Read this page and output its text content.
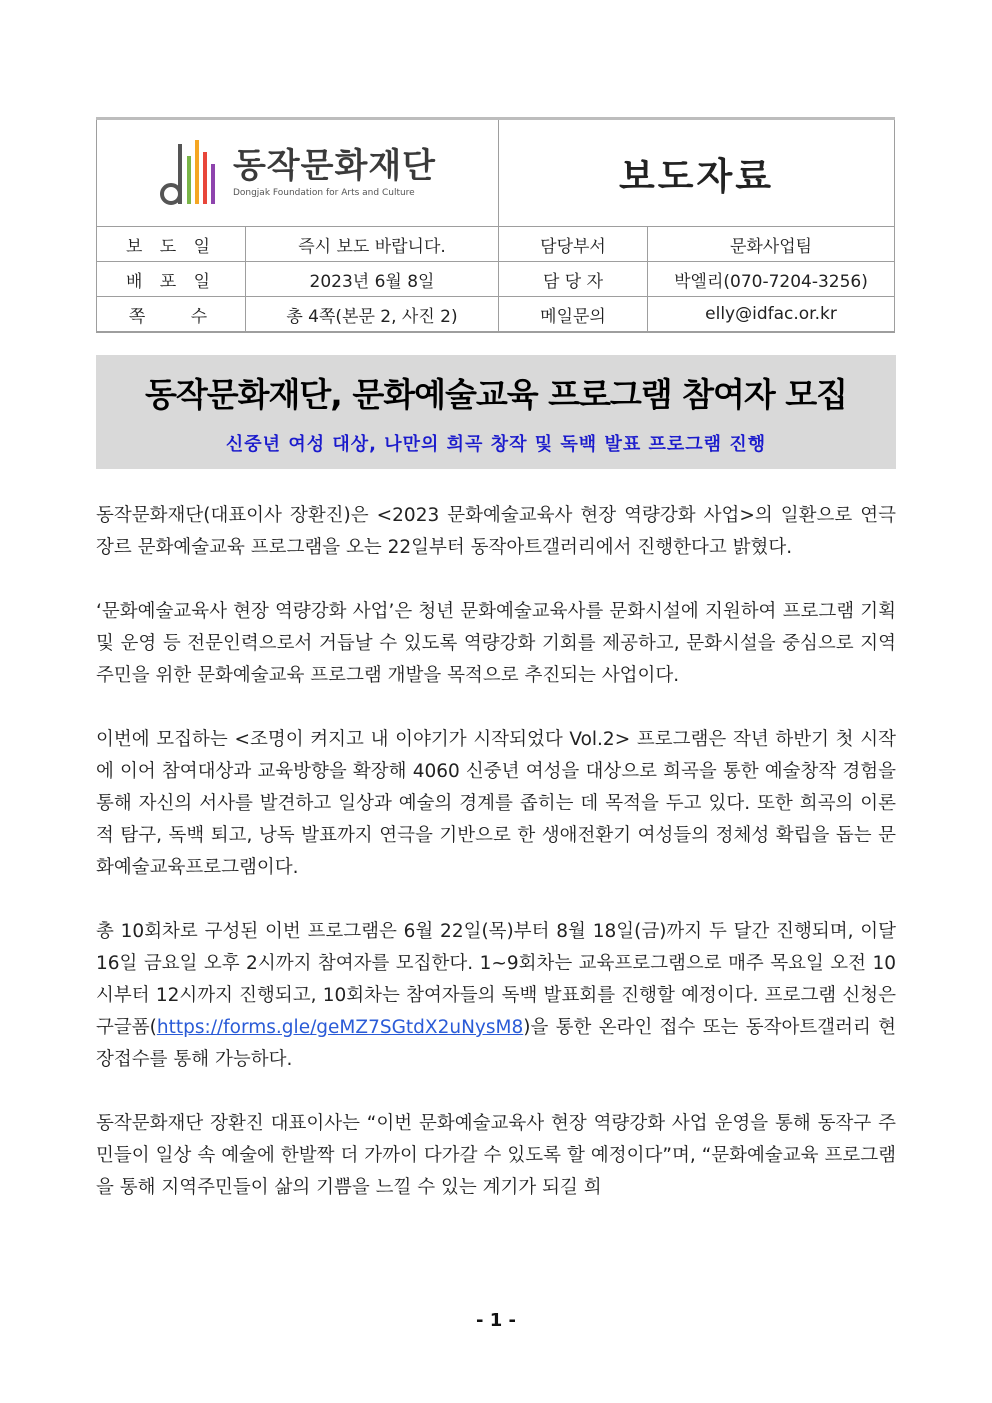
동작문화재단
Dongjak Foundation for Arts and Culture		보도자료	
보 도 일	즉시 보도 바랍니다.	담당부서	문화사업팀
배 포 일	2023년 6월 8일	담 당 자	박엘리(070-7204-3256)
쪽 수	총 4쪽(본문 2, 사진 2)	메일문의	elly@idfac.or.kr
동작문화재단, 문화예술교육 프로그램 참여자 모집
신중년 여성 대상, 나만의 희곡 창작 및 독백 발표 프로그램 진행

동작문화재단(대표이사 장환진)은 <2023 문화예술교육사 현장 역량강화 사업>의 일환으로 연극 장르 문화예술교육 프로그램을 오는 22일부터 동작아트갤러리에서 진행한다고 밝혔다.

‘문화예술교육사 현장 역량강화 사업’은 청년 문화예술교육사를 문화시설에 지원하여 프로그램 기획 및 운영 등 전문인력으로서 거듭날 수 있도록 역량강화 기회를 제공하고, 문화시설을 중심으로 지역주민을 위한 문화예술교육 프로그램 개발을 목적으로 추진되는 사업이다.

이번에 모집하는 <조명이 켜지고 내 이야기가 시작되었다 Vol.2> 프로그램은 작년 하반기 첫 시작에 이어 참여대상과 교육방향을 확장해 4060 신중년 여성을 대상으로 희곡을 통한 예술창작 경험을 통해 자신의 서사를 발견하고 일상과 예술의 경계를 좁히는 데 목적을 두고 있다. 또한 희곡의 이론적 탐구, 독백 퇴고, 낭독 발표까지 연극을 기반으로 한 생애전환기 여성들의 정체성 확립을 돕는 문화예술교육프로그램이다.

총 10회차로 구성된 이번 프로그램은 6월 22일(목)부터 8월 18일(금)까지 두 달간 진행되며, 이달 16일 금요일 오후 2시까지 참여자를 모집한다. 1~9회차는 교육프로그램으로 매주 목요일 오전 10시부터 12시까지 진행되고, 10회차는 참여자들의 독백 발표회를 진행할 예정이다. 프로그램 신청은 구글폼(https://forms.gle/geMZ7SGtdX2uNysM8)을 통한 온라인 접수 또는 동작아트갤러리 현장접수를 통해 가능하다.

동작문화재단 장환진 대표이사는 “이번 문화예술교육사 현장 역량강화 사업 운영을 통해 동작구 주민들이 일상 속 예술에 한발짝 더 가까이 다가갈 수 있도록 할 예정이다”며, “문화예술교육 프로그램을 통해 지역주민들이 삶의 기쁨을 느낄 수 있는 계기가 되길 희

- 1 -
